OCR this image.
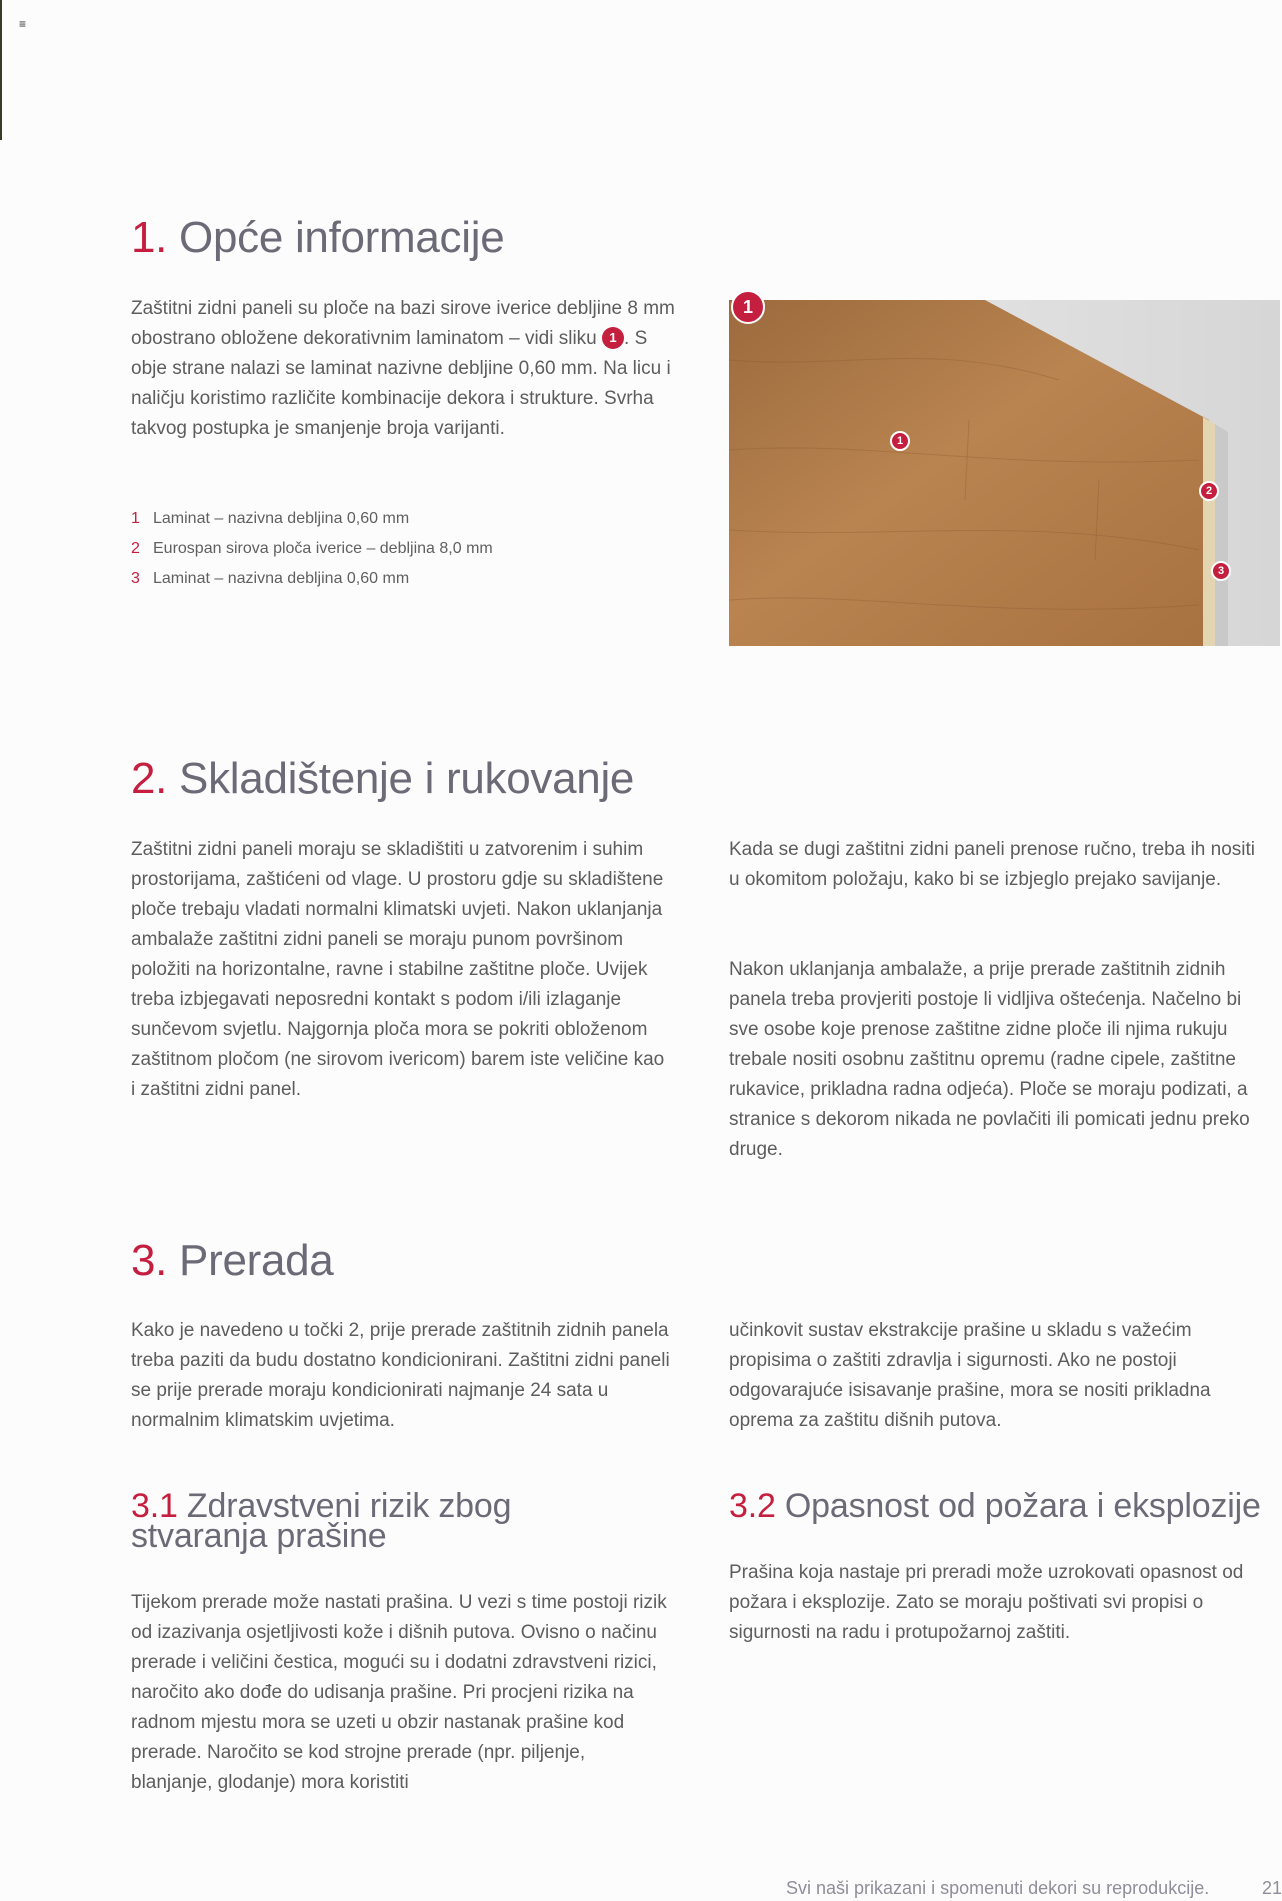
≡
1. Opće informacije

Zaštitni zidni paneli su ploče na bazi sirove iverice debljine 8 mm obostrano obložene dekorativnim laminatom – vidi sliku 1 . S obje strane nalazi se laminat nazivne debljine 0,60 mm. Na licu i naličju koristimo različite kombinacije dekora i strukture. Svrha takvog postupka je smanjenje broja varijanti.

1 Laminat – nazivna debljina 0,60 mm
2 Eurospan sirova ploča iverice – debljina 8,0 mm
3 Laminat – nazivna debljina 0,60 mm
1
1
2
3
2. Skladištenje i rukovanje

Zaštitni zidni paneli moraju se skladištiti u zatvorenim i suhim prostorijama, zaštićeni od vlage. U prostoru gdje su skladištene ploče trebaju vladati normalni klimatski uvjeti. Nakon uklanjanja ambalaže zaštitni zidni paneli se moraju punom površinom položiti na horizontalne, ravne i stabilne zaštitne ploče. Uvijek treba izbjegavati neposredni kontakt s podom i/ili izlaganje sunčevom svjetlu. Najgornja ploča mora se pokriti obloženom zaštitnom pločom (ne sirovom ivericom) barem iste veličine kao i zaštitni zidni panel.

Kada se dugi zaštitni zidni paneli prenose ručno, treba ih nositi u okomitom položaju, kako bi se izbjeglo prejako savijanje.

Nakon uklanjanja ambalaže, a prije prerade zaštitnih zidnih panela treba provjeriti postoje li vidljiva oštećenja. Načelno bi sve osobe koje prenose zaštitne zidne ploče ili njima rukuju trebale nositi osobnu zaštitnu opremu (radne cipele, zaštitne rukavice, prikladna radna odjeća). Ploče se moraju podizati, a stranice s dekorom nikada ne povlačiti ili pomicati jednu preko druge.

3. Prerada

Kako je navedeno u točki 2, prije prerade zaštitnih zidnih panela treba paziti da budu dostatno kondicionirani. Zaštitni zidni paneli se prije prerade moraju kondicionirati najmanje 24 sata u normalnim klimatskim uvjetima.

učinkovit sustav ekstrakcije prašine u skladu s važećim propisima o zaštiti zdravlja i sigurnosti. Ako ne postoji odgovarajuće isisavanje prašine, mora se nositi prikladna oprema za zaštitu dišnih putova.

3.1 Zdravstveni rizik zbog stvaranja prašine

Tijekom prerade može nastati prašina. U vezi s time postoji rizik od izazivanja osjetljivosti kože i dišnih putova. Ovisno o načinu prerade i veličini čestica, mogući su i dodatni zdravstveni rizici, naročito ako dođe do udisanja prašine. Pri procjeni rizika na radnom mjestu mora se uzeti u obzir nastanak prašine kod prerade. Naročito se kod strojne prerade (npr. piljenje, blanjanje, glodanje) mora koristiti

3.2 Opasnost od požara i eksplozije

Prašina koja nastaje pri preradi može uzrokovati opasnost od požara i eksplozije. Zato se moraju poštivati svi propisi o sigurnosti na radu i protupožarnoj zaštiti.

Svi naši prikazani i spomenuti dekori su reprodukcije.	21
